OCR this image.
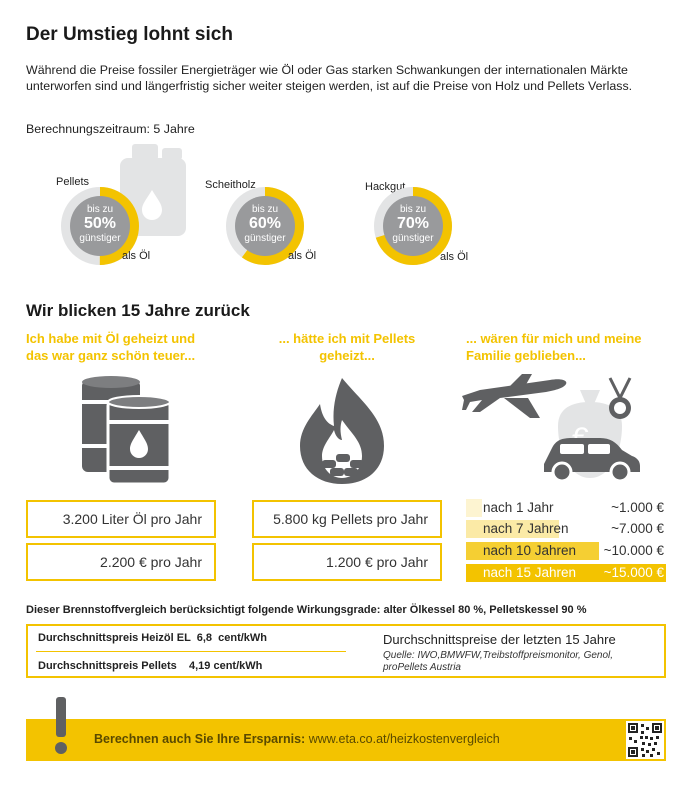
Der Umstieg lohnt sich

Während die Preise fossiler Energieträger wie Öl oder Gas starken Schwankungen der internationalen Märkte unterworfen sind und längerfristig sicher weiter steigen werden, ist auf die Preise von Holz und Pellets Verlass.

Berechnungszeitraum: 5 Jahre

Pellets
bis zu
50%
günstiger
als Öl
Scheitholz
bis zu
60%
günstiger
als Öl
Hackgut
bis zu
70%
günstiger
als Öl
Wir blicken 15 Jahre zurück
Ich habe mit Öl geheizt und
das war ganz schön teuer...
... hätte ich mit Pellets
geheizt...
... wären für mich und meine
Familie geblieben...
3.200 Liter Öl pro Jahr
2.200 € pro Jahr
5.800 kg Pellets pro Jahr
1.200 € pro Jahr
nach 1 Jahr	~1.000 €
nach 7 Jahren	~7.000 €
nach 10 Jahren ~10.000 €
nach 15 Jahren ~15.000 €

Dieser Brennstoffvergleich berücksichtigt folgende Wirkungsgrade: alter Ölkessel 80 %, Pelletskessel 90 %

Durchschnittspreis Heizöl EL  6,8  cent/kWh
Durchschnittspreis Pellets    4,19 cent/kWh
Durchschnittspreise der letzten 15 Jahre
Quelle: IWO,BMWFW,Treibstoffpreismonitor, Genol, proPellets Austria
Berechnen auch Sie Ihre Ersparnis: www.eta.co.at/heizkostenvergleich
